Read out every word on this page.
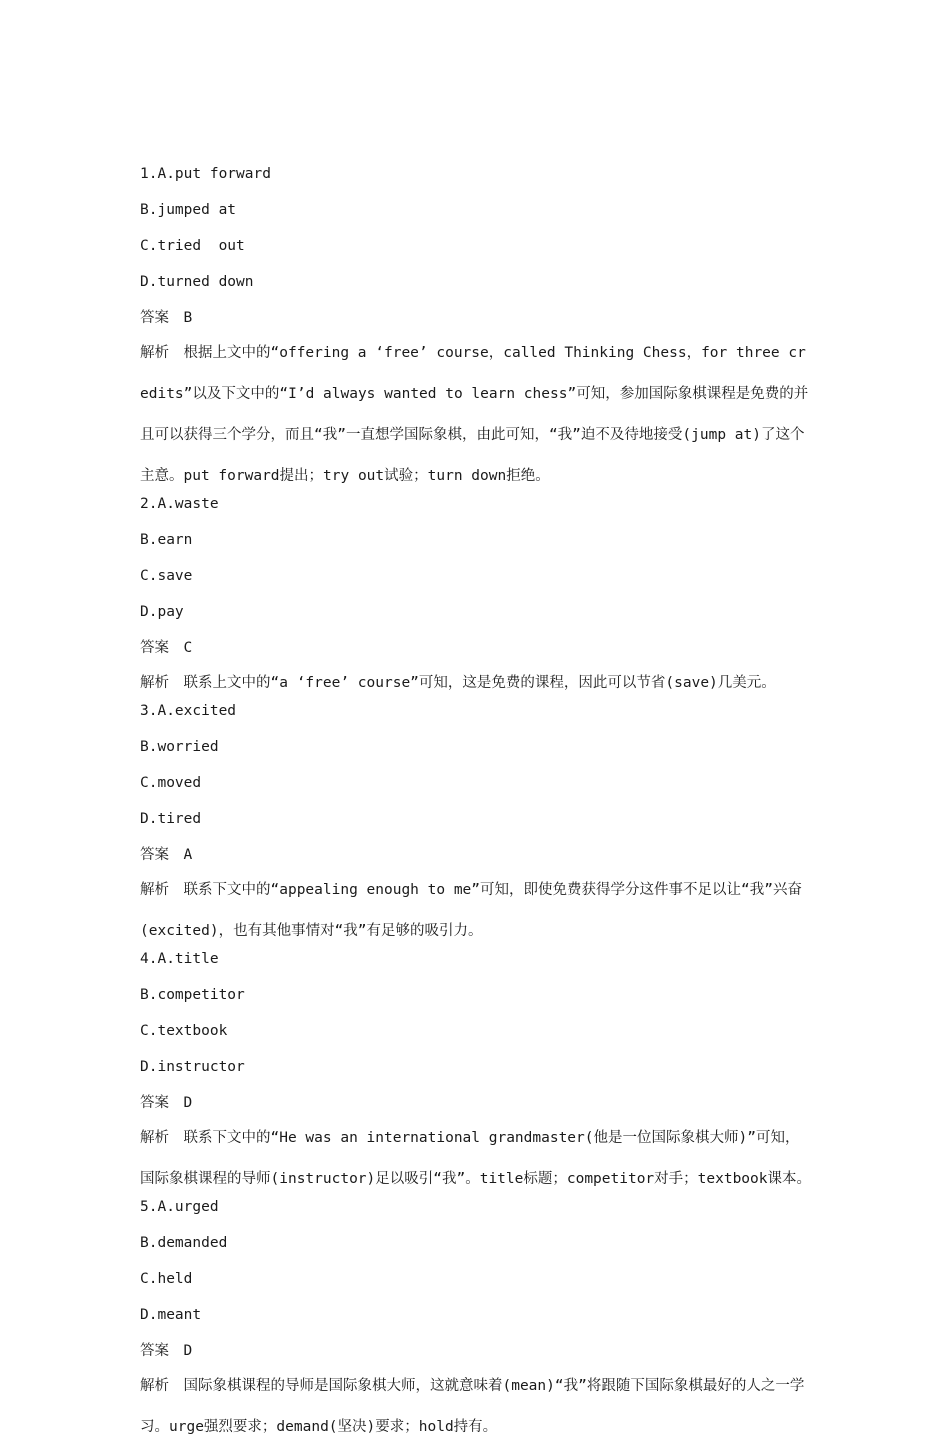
1.A.put forward
B.jumped at
C.tried  out
D.turned down
答案　B
解析　根据上文中的“offering a ‘free’ course，called Thinking Chess，for three credits”以及下文中的“I’d always wanted to learn chess”可知，参加国际象棋课程是免费的并且可以获得三个学分，而且“我”一直想学国际象棋，由此可知，“我”迫不及待地接受(jump at)了这个主意。put forward提出；try out试验；turn down拒绝。
2.A.waste
B.earn
C.save
D.pay
答案　C
解析　联系上文中的“a ‘free’ course”可知，这是免费的课程，因此可以节省(save)几美元。
3.A.excited
B.worried
C.moved
D.tired
答案　A
解析　联系下文中的“appealing enough to me”可知，即使免费获得学分这件事不足以让“我”兴奋(excited)，也有其他事情对“我”有足够的吸引力。
4.A.title
B.competitor
C.textbook
D.instructor
答案　D
解析　联系下文中的“He was an international grandmaster(他是一位国际象棋大师)”可知，国际象棋课程的导师(instructor)足以吸引“我”。title标题；competitor对手；textbook课本。
5.A.urged
B.demanded
C.held
D.meant
答案　D
解析　国际象棋课程的导师是国际象棋大师，这就意味着(mean)“我”将跟随下国际象棋最好的人之一学习。urge强烈要求；demand(坚决)要求；hold持有。
